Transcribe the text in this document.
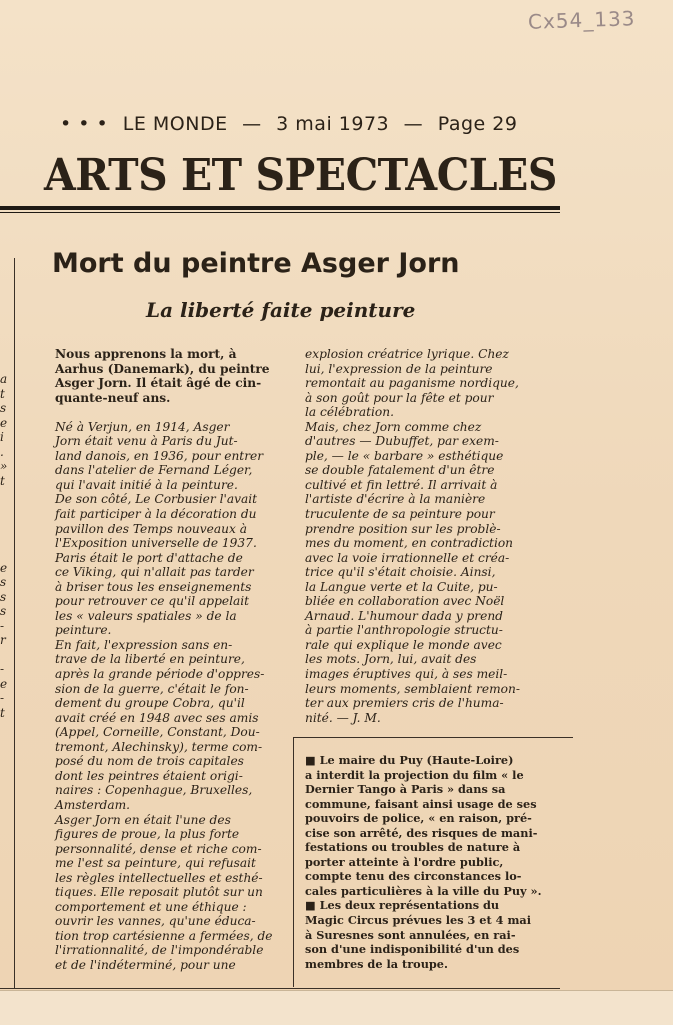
Cx54_133
• • • LE MONDE — 3 mai 1973 — Page 29
ARTS ET SPECTACLES
a
t
s
e
i
.
»
t
e
s
s
s
-
r
-
e
-
t
Mort du peintre Asger Jorn
La liberté faite peinture
Nous apprenons la mort, à
Aarhus (Danemark), du peintre
Asger Jorn. Il était âgé de cin-
quante-neuf ans.
Né à Verjun, en 1914, Asger
Jorn était venu à Paris du Jut-
land danois, en 1936, pour entrer
dans l'atelier de Fernand Léger,
qui l'avait initié à la peinture.
De son côté, Le Corbusier l'avait
fait participer à la décoration du
pavillon des Temps nouveaux à
l'Exposition universelle de 1937.
Paris était le port d'attache de
ce Viking, qui n'allait pas tarder
à briser tous les enseignements
pour retrouver ce qu'il appelait
les « valeurs spatiales » de la
peinture.
En fait, l'expression sans en-
trave de la liberté en peinture,
après la grande période d'oppres-
sion de la guerre, c'était le fon-
dement du groupe Cobra, qu'il
avait créé en 1948 avec ses amis
(Appel, Corneille, Constant, Dou-
tremont, Alechinsky), terme com-
posé du nom de trois capitales
dont les peintres étaient origi-
naires : Copenhague, Bruxelles,
Amsterdam.
Asger Jorn en était l'une des
figures de proue, la plus forte
personnalité, dense et riche com-
me l'est sa peinture, qui refusait
les règles intellectuelles et esthé-
tiques. Elle reposait plutôt sur un
comportement et une éthique :
ouvrir les vannes, qu'une éduca-
tion trop cartésienne a fermées, de
l'irrationnalité, de l'impondérable
et de l'indéterminé, pour une
explosion créatrice lyrique. Chez
lui, l'expression de la peinture
remontait au paganisme nordique,
à son goût pour la fête et pour
la célébration.
Mais, chez Jorn comme chez
d'autres — Dubuffet, par exem-
ple, — le « barbare » esthétique
se double fatalement d'un être
cultivé et fin lettré. Il arrivait à
l'artiste d'écrire à la manière
truculente de sa peinture pour
prendre position sur les problè-
mes du moment, en contradiction
avec la voie irrationnelle et créa-
trice qu'il s'était choisie. Ainsi,
la Langue verte et la Cuite, pu-
bliée en collaboration avec Noël
Arnaud. L'humour dada y prend
à partie l'anthropologie structu-
rale qui explique le monde avec
les mots. Jorn, lui, avait des
images éruptives qui, à ses meil-
leurs moments, semblaient remon-
ter aux premiers cris de l'huma-
nité. — J. M.
■ Le maire du Puy (Haute-Loire)
a interdit la projection du film « le
Dernier Tango à Paris » dans sa
commune, faisant ainsi usage de ses
pouvoirs de police, « en raison, pré-
cise son arrêté, des risques de mani-
festations ou troubles de nature à
porter atteinte à l'ordre public,
compte tenu des circonstances lo-
cales particulières à la ville du Puy ».
■ Les deux représentations du
Magic Circus prévues les 3 et 4 mai
à Suresnes sont annulées, en rai-
son d'une indisponibilité d'un des
membres de la troupe.
